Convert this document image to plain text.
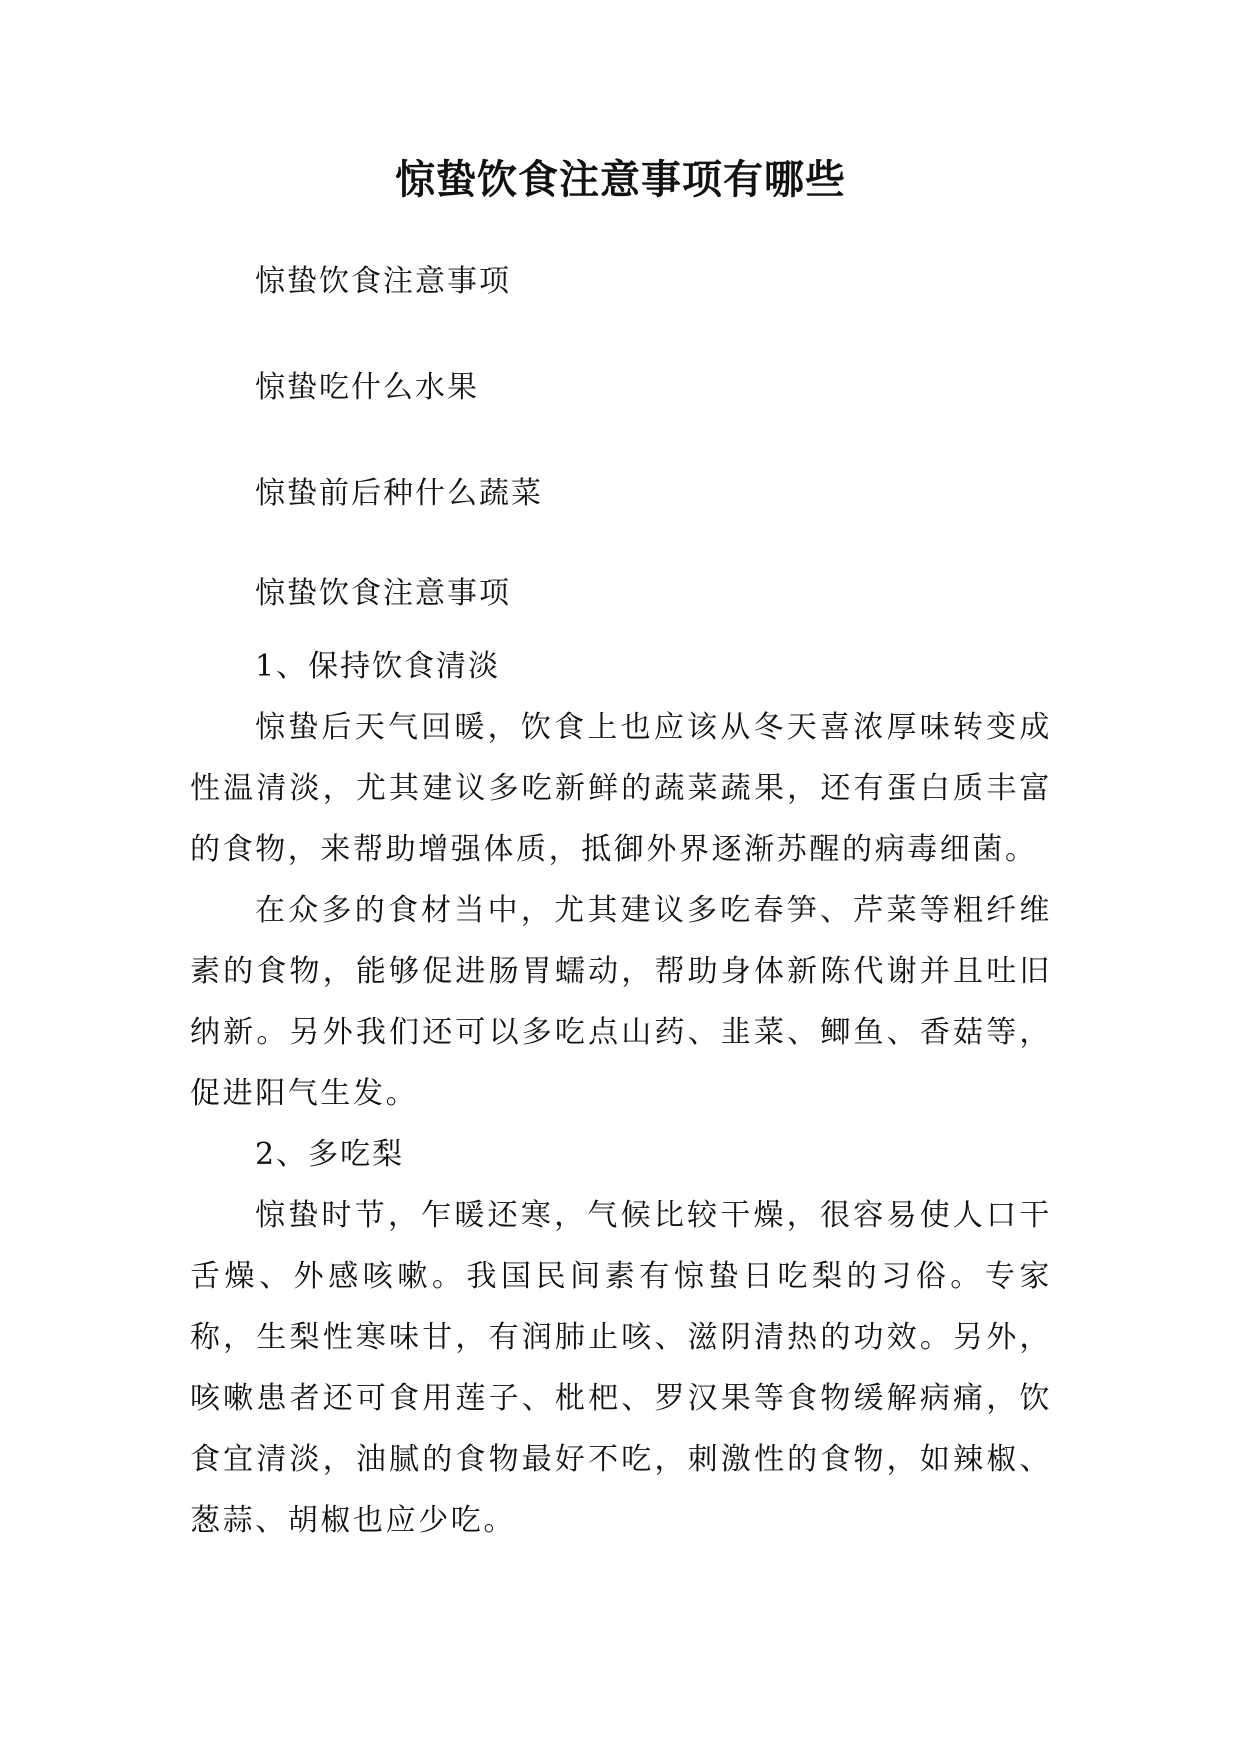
惊蛰饮食注意事项有哪些
惊蛰饮食注意事项
惊蛰吃什么水果
惊蛰前后种什么蔬菜
惊蛰饮食注意事项

1、保持饮食清淡

惊蛰后天气回暖，饮食上也应该从冬天喜浓厚味转变成性温清淡，尤其建议多吃新鲜的蔬菜蔬果，还有蛋白质丰富的食物，来帮助增强体质，抵御外界逐渐苏醒的病毒细菌。

在众多的食材当中，尤其建议多吃春笋、芹菜等粗纤维素的食物，能够促进肠胃蠕动，帮助身体新陈代谢并且吐旧纳新。另外我们还可以多吃点山药、韭菜、鲫鱼、香菇等，促进阳气生发。

2、多吃梨

惊蛰时节，乍暖还寒，气候比较干燥，很容易使人口干舌燥、外感咳嗽。我国民间素有惊蛰日吃梨的习俗。专家称，生梨性寒味甘，有润肺止咳、滋阴清热的功效。另外，咳嗽患者还可食用莲子、枇杷、罗汉果等食物缓解病痛，饮食宜清淡，油腻的食物最好不吃，刺激性的食物，如辣椒、葱蒜、胡椒也应少吃。
